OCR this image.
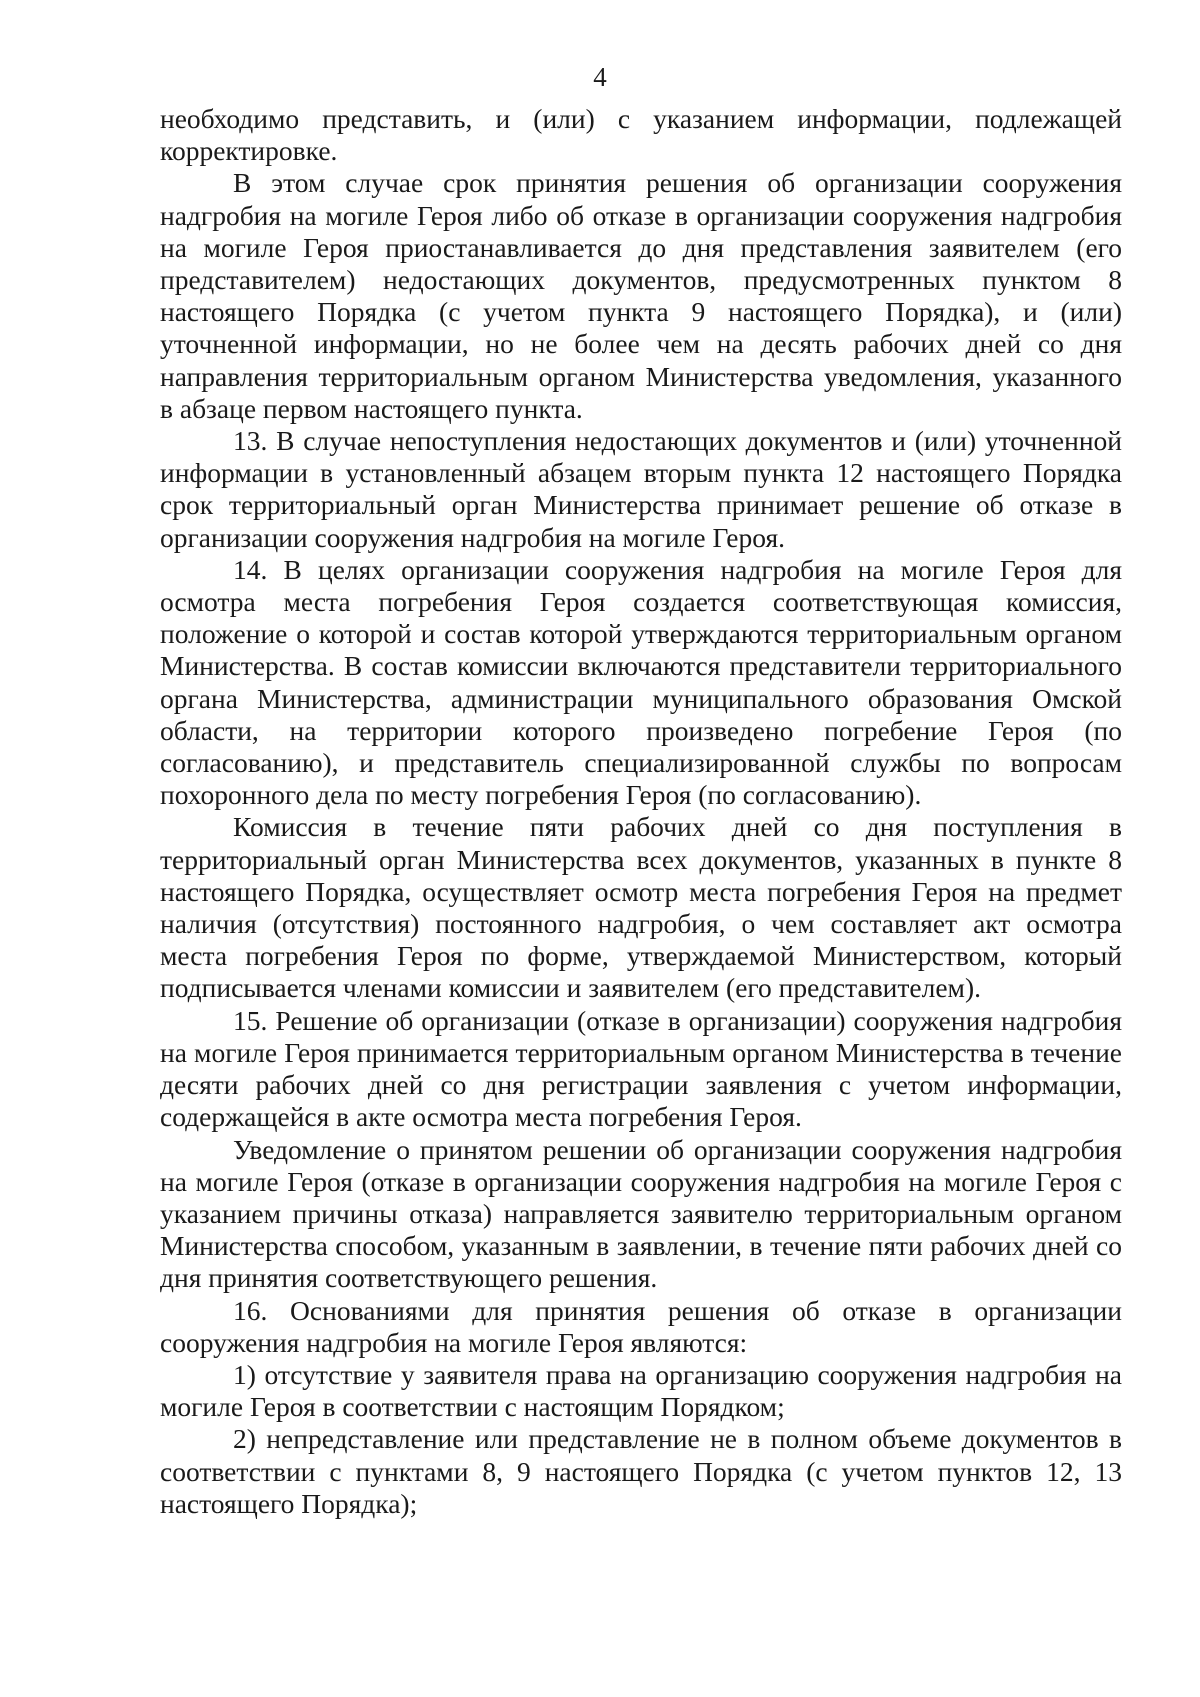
4

необходимо представить, и (или) с указанием информации, подлежащей корректировке.

В этом случае срок принятия решения об организации сооружения надгробия на могиле Героя либо об отказе в организации сооружения надгробия на могиле Героя приостанавливается до дня представления заявителем (его представителем) недостающих документов, предусмотренных пунктом 8 настоящего Порядка (с учетом пункта 9 настоящего Порядка), и (или) уточненной информации, но не более чем на десять рабочих дней со дня направления территориальным органом Министерства уведомления, указанного в абзаце первом настоящего пункта.

13. В случае непоступления недостающих документов и (или) уточненной информации в установленный абзацем вторым пункта 12 настоящего Порядка срок территориальный орган Министерства принимает решение об отказе в организации сооружения надгробия на могиле Героя.

14. В целях организации сооружения надгробия на могиле Героя для осмотра места погребения Героя создается соответствующая комиссия, положение о которой и состав которой утверждаются территориальным органом Министерства. В состав комиссии включаются представители территориального органа Министерства, администрации муниципального образования Омской области, на территории которого произведено погребение Героя (по согласованию), и представитель специализированной службы по вопросам похоронного дела по месту погребения Героя (по согласованию).

Комиссия в течение пяти рабочих дней со дня поступления в территориальный орган Министерства всех документов, указанных в пункте 8 настоящего Порядка, осуществляет осмотр места погребения Героя на предмет наличия (отсутствия) постоянного надгробия, о чем составляет акт осмотра места погребения Героя по форме, утверждаемой Министерством, который подписывается членами комиссии и заявителем (его представителем).

15. Решение об организации (отказе в организации) сооружения надгробия на могиле Героя принимается территориальным органом Министерства в течение десяти рабочих дней со дня регистрации заявления с учетом информации, содержащейся в акте осмотра места погребения Героя.

Уведомление о принятом решении об организации сооружения надгробия на могиле Героя (отказе в организации сооружения надгробия на могиле Героя с указанием причины отказа) направляется заявителю территориальным органом Министерства способом, указанным в заявлении, в течение пяти рабочих дней со дня принятия соответствующего решения.

16. Основаниями для принятия решения об отказе в организации сооружения надгробия на могиле Героя являются:

1) отсутствие у заявителя права на организацию сооружения надгробия на могиле Героя в соответствии с настоящим Порядком;

2) непредставление или представление не в полном объеме документов в соответствии с пунктами 8, 9 настоящего Порядка (с учетом пунктов 12, 13 настоящего Порядка);
